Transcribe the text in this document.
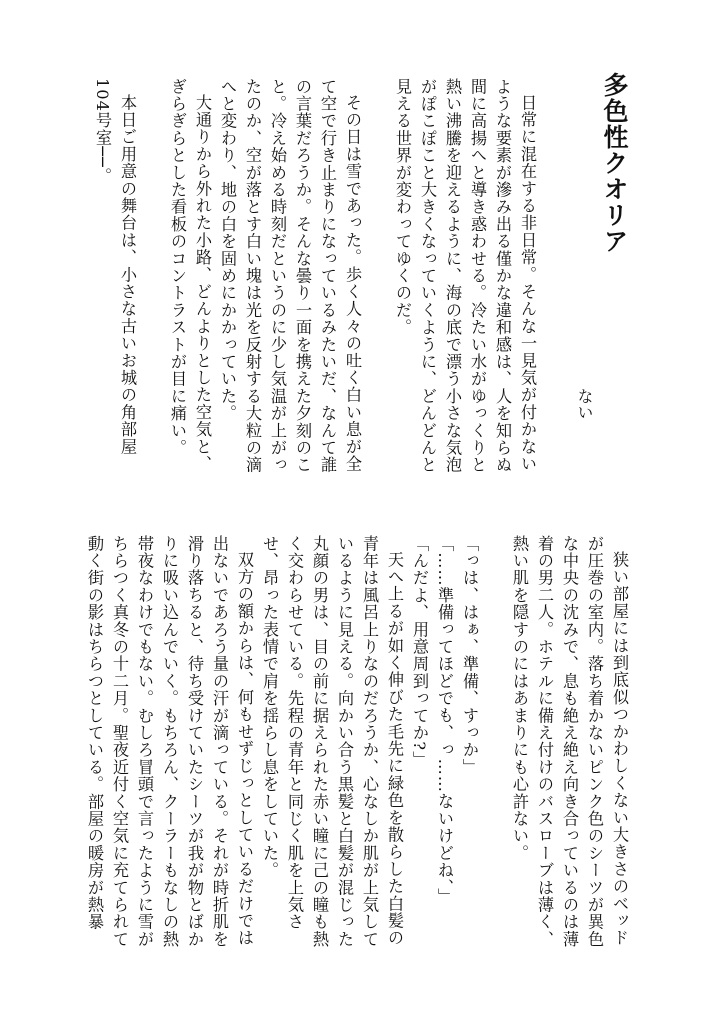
多色性クオリア
ない

日常に混在する非日常。そんな一見気が付かないような要素が滲み出る僅かな違和感は、人を知らぬ間に高揚へと導き惑わせる。冷たい水がゆっくりと熱い沸騰を迎えるように、海の底で漂う小さな気泡がぽこぽこと大きくなっていくように、どんどんと見える世界が変わってゆくのだ。

その日は雪であった。歩く人々の吐く白い息が全て空で行き止まりになっているみたいだ、なんて誰の言葉だろうか。そんな曇り一面を携えた夕刻のこと。冷え始める時刻だというのに少し気温が上がったのか、空が落とす白い塊は光を反射する大粒の滴へと変わり、地の白を固めにかかっていた。

大通りから外れた小路、どんよりとした空気と、ぎらぎらとした看板のコントラストが目に痛い。

本日ご用意の舞台は、小さな古いお城の角部屋104号室──。

狭い部屋には到底似つかわしくない大きさのベッドが圧巻の室内。落ち着かないピンク色のシーツが異色な中央の沈みで、息も絶え絶え向き合っているのは薄着の男二人。ホテルに備え付けのバスローブは薄く、熱い肌を隠すのにはあまりにも心許ない。

「っは、はぁ、準備、すっか」

「……準備ってほどでも、っ……ないけどね、」

「んだよ、用意周到ってか?」

天へ上るが如く伸びた毛先に緑色を散らした白髪の青年は風呂上りなのだろうか、心なしか肌が上気しているように見える。向かい合う黒髪と白髪が混じった丸顔の男は、目の前に据えられた赤い瞳に己の瞳も熱く交わらせている。先程の青年と同じく肌を上気させ、昂った表情で肩を揺らし息をしていた。

双方の額からは、何もせずじっとしているだけでは出ないであろう量の汗が滴っている。それが時折肌を滑り落ちると、待ち受けていたシーツが我が物とばかりに吸い込んでいく。もちろん、クーラーもなしの熱帯夜なわけでもない。むしろ冒頭で言ったように雪がちらつく真冬の十二月。聖夜近付く空気に充てられて動く街の影はちらつとしている。部屋の暖房が熱暴
